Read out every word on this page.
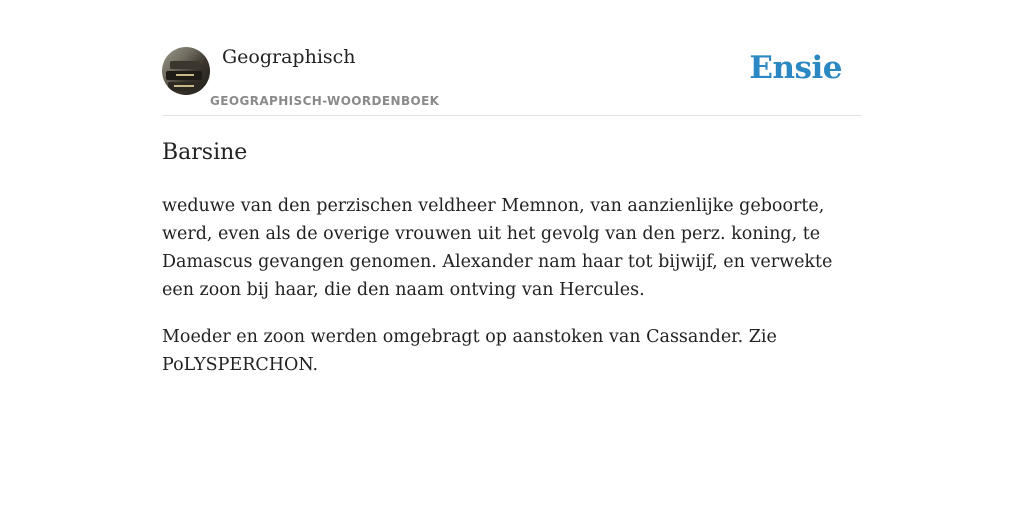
Geographisch
GEOGRAPHISCH-WOORDENBOEK
Ensie
Barsine

weduwe van den perzischen veldheer Memnon, van aanzienlijke geboorte, werd, even als de overige vrouwen uit het gevolg van den perz. koning, te Damascus gevangen genomen. Alexander nam haar tot bijwijf, en verwekte een zoon bij haar, die den naam ontving van Hercules.

Moeder en zoon werden omgebragt op aanstoken van Cassander. Zie PoLYSPERCHON.
